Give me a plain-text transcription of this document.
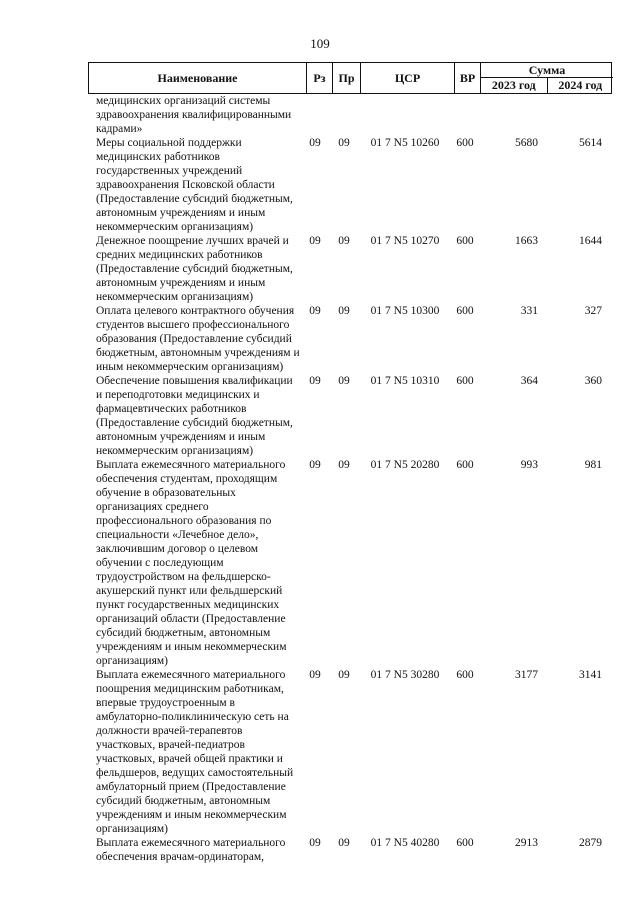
109
Наименование	Рз	Пр	ЦСР	ВР
Сумма
2023 год	2024 год
медицинских организаций системы здравоохранения квалифицированными кадрами»
Меры социальной поддержки медицинских работников государственных учреждений здравоохранения Псковской области (Предоставление субсидий бюджетным, автономным учреждениям и иным некоммерческим организациям)
09	09	01 7 N5 10260	600	5680	5614
Денежное поощрение лучших врачей и средних медицинских работников (Предоставление субсидий бюджетным, автономным учреждениям и иным некоммерческим организациям)
09	09	01 7 N5 10270	600	1663	1644
Оплата целевого контрактного обучения студентов высшего профессионального образования (Предоставление субсидий бюджетным, автономным учреждениям и иным некоммерческим организациям)
09	09	01 7 N5 10300	600	331	327
Обеспечение повышения квалификации и переподготовки медицинских и фармацевтических работников (Предоставление субсидий бюджетным, автономным учреждениям и иным некоммерческим организациям)
09	09	01 7 N5 10310	600	364	360
Выплата ежемесячного материального обеспечения студентам, проходящим обучение в образовательных организациях среднего профессионального образования по специальности «Лечебное дело», заключившим договор о целевом обучении с последующим трудоустройством на фельдшерско-акушерский пункт или фельдшерский пункт государственных медицинских организаций области (Предоставление субсидий бюджетным, автономным учреждениям и иным некоммерческим организациям)
09	09	01 7 N5 20280	600	993	981
Выплата ежемесячного материального поощрения медицинским работникам, впервые трудоустроенным в амбулаторно-поликлиническую сеть на должности врачей-терапевтов участковых, врачей-педиатров участковых, врачей общей практики и фельдшеров, ведущих самостоятельный амбулаторный прием (Предоставление субсидий бюджетным, автономным учреждениям и иным некоммерческим организациям)
09	09	01 7 N5 30280	600	3177	3141
Выплата ежемесячного материального обеспечения врачам-ординаторам,
09	09	01 7 N5 40280	600	2913	2879
